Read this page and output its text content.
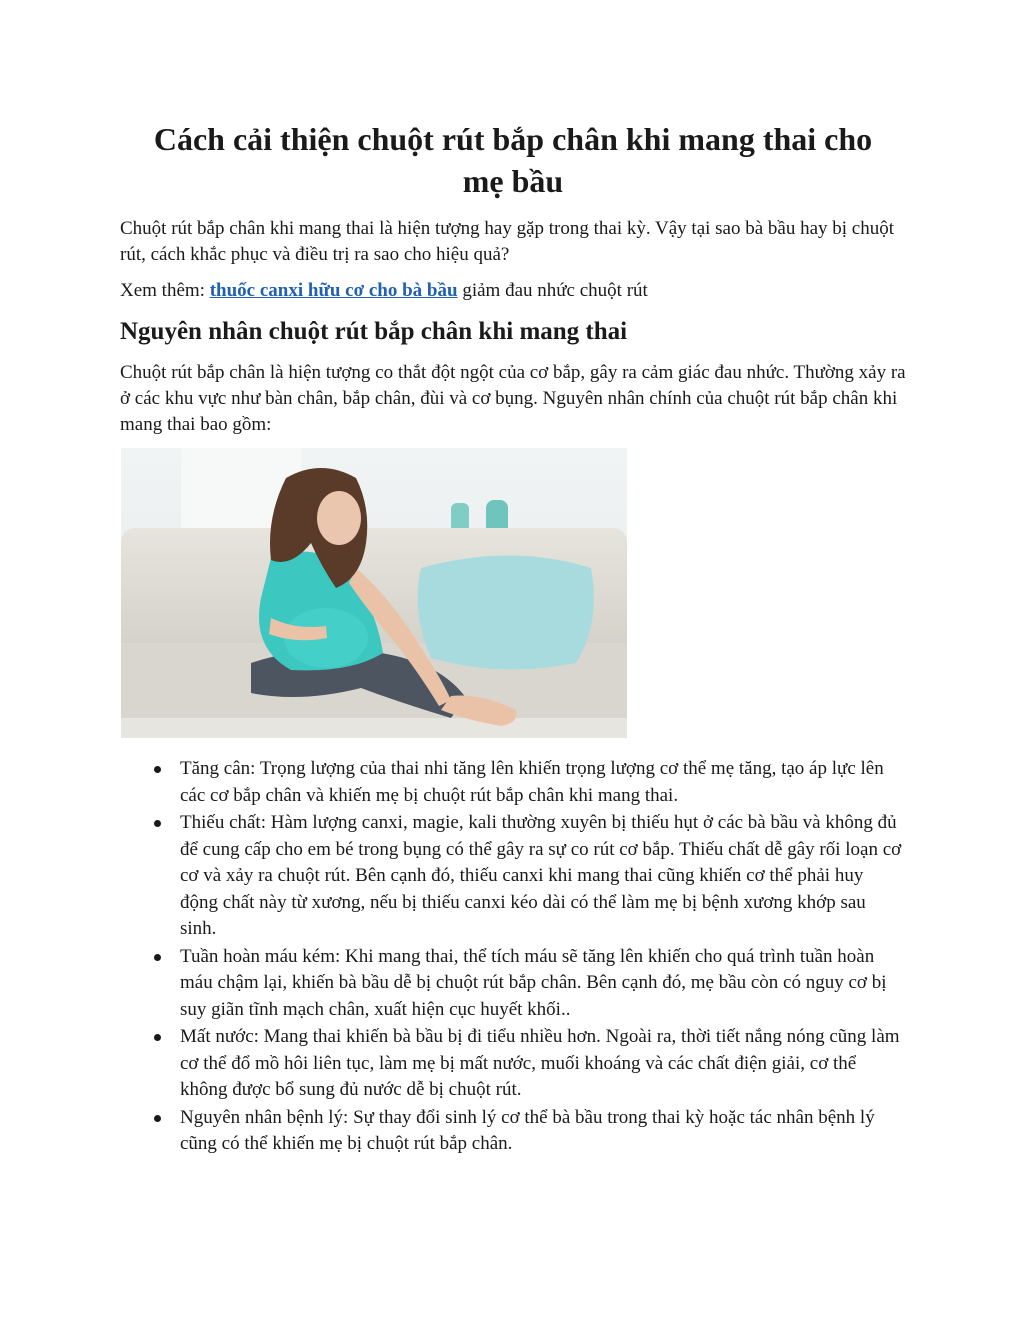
Cách cải thiện chuột rút bắp chân khi mang thai cho mẹ bầu

Chuột rút bắp chân khi mang thai là hiện tượng hay gặp trong thai kỳ. Vậy tại sao bà bầu hay bị chuột rút, cách khắc phục và điều trị ra sao cho hiệu quả?

Xem thêm: thuốc canxi hữu cơ cho bà bầu giảm đau nhức chuột rút

Nguyên nhân chuột rút bắp chân khi mang thai

Chuột rút bắp chân là hiện tượng co thắt đột ngột của cơ bắp, gây ra cảm giác đau nhức. Thường xảy ra ở các khu vực như bàn chân, bắp chân, đùi và cơ bụng. Nguyên nhân chính của chuột rút bắp chân khi mang thai bao gồm:

Tăng cân: Trọng lượng của thai nhi tăng lên khiến trọng lượng cơ thể mẹ tăng, tạo áp lực lên các cơ bắp chân và khiến mẹ bị chuột rút bắp chân khi mang thai.
Thiếu chất: Hàm lượng canxi, magie, kali thường xuyên bị thiếu hụt ở các bà bầu và không đủ để cung cấp cho em bé trong bụng có thể gây ra sự co rút cơ bắp. Thiếu chất dễ gây rối loạn cơ cơ và xảy ra chuột rút. Bên cạnh đó, thiếu canxi khi mang thai cũng khiến cơ thể phải huy động chất này từ xương, nếu bị thiếu canxi kéo dài có thể làm mẹ bị bệnh xương khớp sau sinh.
Tuần hoàn máu kém: Khi mang thai, thể tích máu sẽ tăng lên khiến cho quá trình tuần hoàn máu chậm lại, khiến bà bầu dễ bị chuột rút bắp chân. Bên cạnh đó, mẹ bầu còn có nguy cơ bị suy giãn tĩnh mạch chân, xuất hiện cục huyết khối..
Mất nước: Mang thai khiến bà bầu bị đi tiểu nhiều hơn. Ngoài ra, thời tiết nắng nóng cũng làm cơ thể đổ mồ hôi liên tục, làm mẹ bị mất nước, muối khoáng và các chất điện giải, cơ thể không được bổ sung đủ nước dễ bị chuột rút.
Nguyên nhân bệnh lý: Sự thay đổi sinh lý cơ thể bà bầu trong thai kỳ hoặc tác nhân bệnh lý cũng có thể khiến mẹ bị chuột rút bắp chân.
